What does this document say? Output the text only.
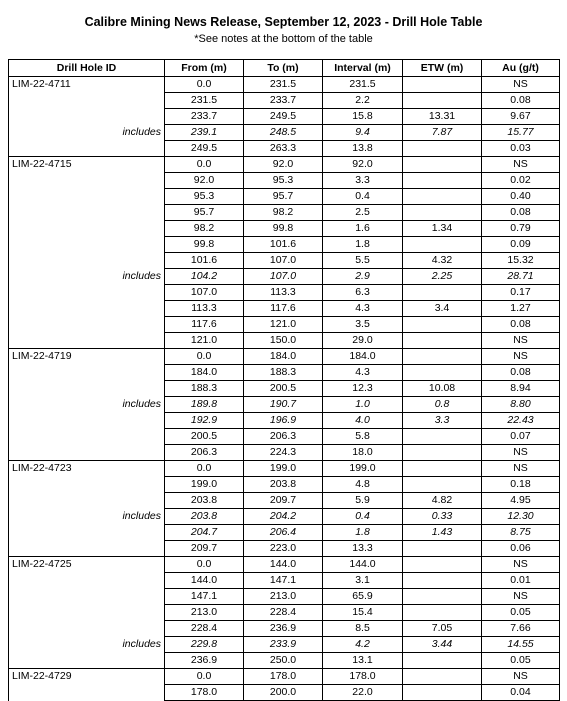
Calibre Mining News Release, September 12, 2023 - Drill Hole Table
*See notes at the bottom of the table
Drill Hole ID	From (m)	To (m)	Interval (m)	ETW (m)	Au (g/t)
LIM-22-4711	0.0	231.5	231.5		NS
	231.5	233.7	2.2		0.08
	233.7	249.5	15.8	13.31	9.67
includes	239.1	248.5	9.4	7.87	15.77
	249.5	263.3	13.8		0.03
LIM-22-4715	0.0	92.0	92.0		NS
	92.0	95.3	3.3		0.02
	95.3	95.7	0.4		0.40
	95.7	98.2	2.5		0.08
	98.2	99.8	1.6	1.34	0.79
	99.8	101.6	1.8		0.09
	101.6	107.0	5.5	4.32	15.32
includes	104.2	107.0	2.9	2.25	28.71
	107.0	113.3	6.3		0.17
	113.3	117.6	4.3	3.4	1.27
	117.6	121.0	3.5		0.08
	121.0	150.0	29.0		NS
LIM-22-4719	0.0	184.0	184.0		NS
	184.0	188.3	4.3		0.08
	188.3	200.5	12.3	10.08	8.94
includes	189.8	190.7	1.0	0.8	8.80
	192.9	196.9	4.0	3.3	22.43
	200.5	206.3	5.8		0.07
	206.3	224.3	18.0		NS
LIM-22-4723	0.0	199.0	199.0		NS
	199.0	203.8	4.8		0.18
	203.8	209.7	5.9	4.82	4.95
includes	203.8	204.2	0.4	0.33	12.30
	204.7	206.4	1.8	1.43	8.75
	209.7	223.0	13.3		0.06
LIM-22-4725	0.0	144.0	144.0		NS
	144.0	147.1	3.1		0.01
	147.1	213.0	65.9		NS
	213.0	228.4	15.4		0.05
	228.4	236.9	8.5	7.05	7.66
includes	229.8	233.9	4.2	3.44	14.55
	236.9	250.0	13.1		0.05
LIM-22-4729	0.0	178.0	178.0		NS
	178.0	200.0	22.0		0.04
